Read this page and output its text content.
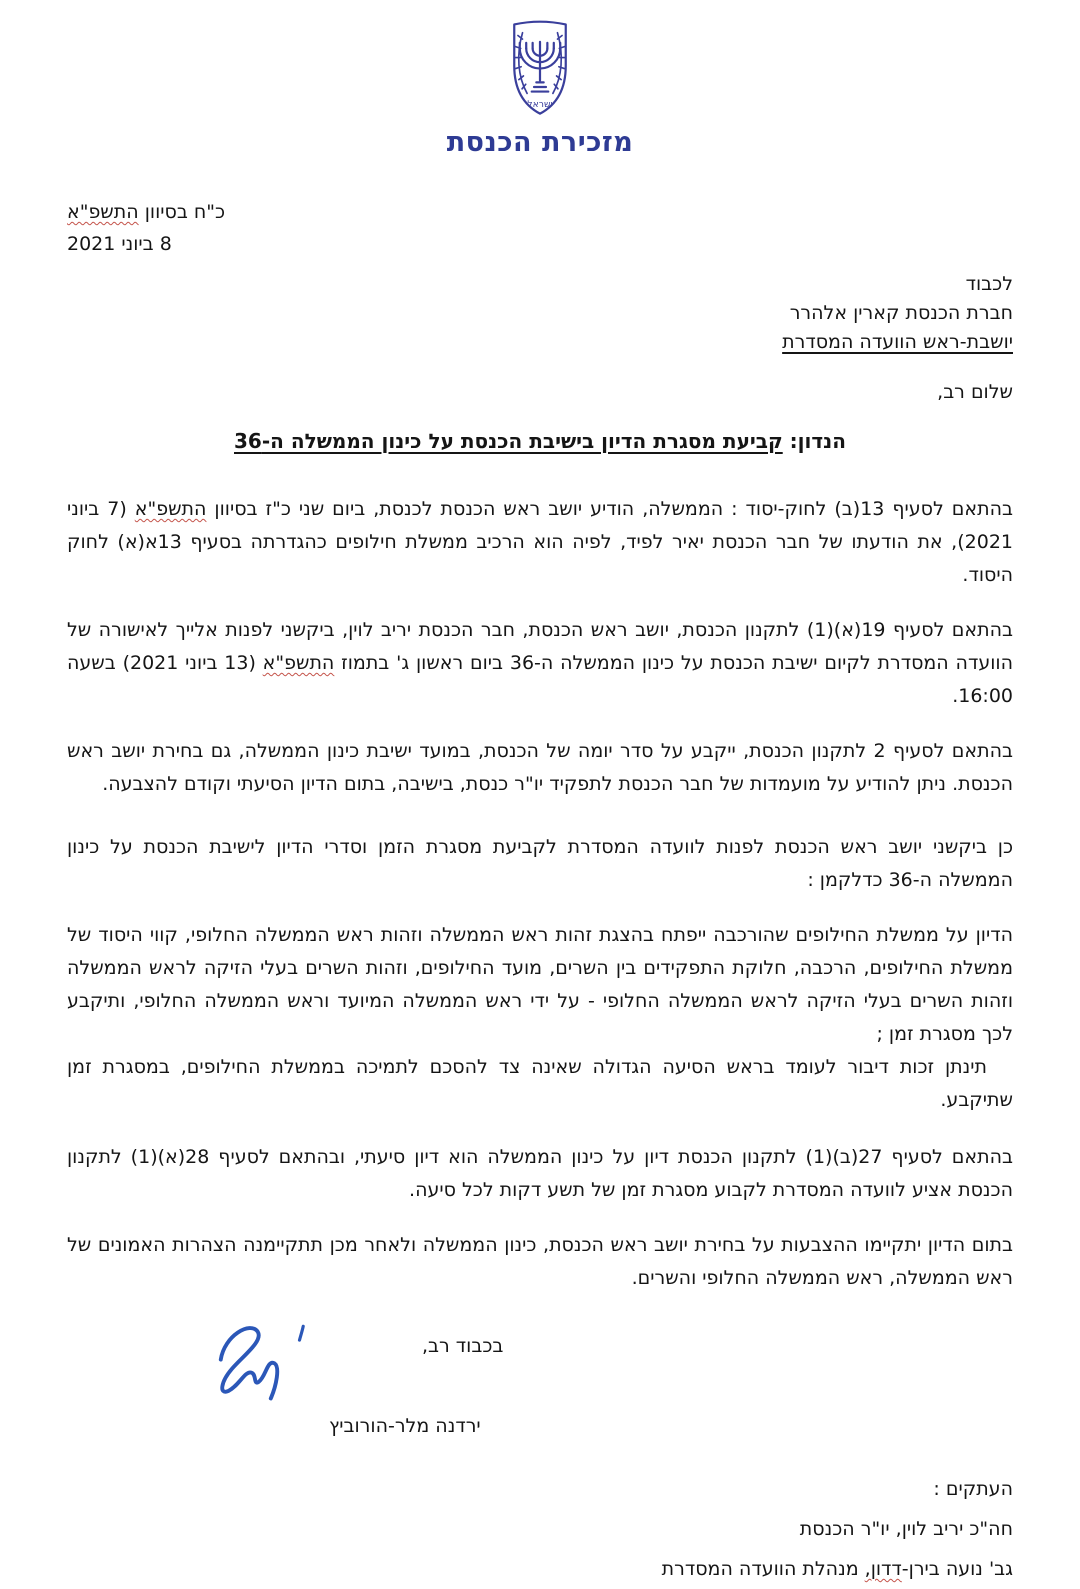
ישראל
מזכירת הכנסת
כ"ח בסיוון התשפ"א
8 ביוני 2021
לכבוד
חברת הכנסת קארין אלהרר
יושבת-ראש הוועדה המסדרת
שלום רב,
הנדון: קביעת מסגרת הדיון בישיבת הכנסת על כינון הממשלה ה-36

בהתאם לסעיף 13(ב) לחוק-יסוד : הממשלה, הודיע יושב ראש הכנסת לכנסת, ביום שני כ"ז בסיוון התשפ"א (7 ביוני 2021), את הודעתו של חבר הכנסת יאיר לפיד, לפיה הוא הרכיב ממשלת חילופים כהגדרתה בסעיף 13א(א) לחוק היסוד.

בהתאם לסעיף 19(א)(1) לתקנון הכנסת, יושב ראש הכנסת, חבר הכנסת יריב לוין, ביקשני לפנות אלייך לאישורה של הוועדה המסדרת לקיום ישיבת הכנסת על כינון הממשלה ה-36 ביום ראשון ג' בתמוז התשפ"א (13 ביוני 2021) בשעה 16:00.

בהתאם לסעיף 2 לתקנון הכנסת, ייקבע על סדר יומה של הכנסת, במועד ישיבת כינון הממשלה, גם בחירת יושב ראש הכנסת. ניתן להודיע על מועמדות של חבר הכנסת לתפקיד יו"ר כנסת, בישיבה, בתום הדיון הסיעתי וקודם להצבעה.

כן ביקשני יושב ראש הכנסת לפנות לוועדה המסדרת לקביעת מסגרת הזמן וסדרי הדיון לישיבת הכנסת על כינון הממשלה ה-36 כדלקמן :

הדיון על ממשלת החילופים שהורכבה ייפתח בהצגת זהות ראש הממשלה וזהות ראש הממשלה החלופי, קווי היסוד של ממשלת החילופים, הרכבה, חלוקת התפקידים בין השרים, מועד החילופים, וזהות השרים בעלי הזיקה לראש הממשלה וזהות השרים בעלי הזיקה לראש הממשלה החלופי - על ידי ראש הממשלה המיועד וראש הממשלה החלופי, ותיקבע לכך מסגרת זמן ;

תינתן זכות דיבור לעומד בראש הסיעה הגדולה שאינה צד להסכם לתמיכה בממשלת החילופים, במסגרת זמן שתיקבע.

בהתאם לסעיף 27(ב)(1) לתקנון הכנסת דיון על כינון הממשלה הוא דיון סיעתי, ובהתאם לסעיף 28(א)(1) לתקנון הכנסת אציע לוועדה המסדרת לקבוע מסגרת זמן של תשע דקות לכל סיעה.

בתום הדיון יתקיימו ההצבעות על בחירת יושב ראש הכנסת, כינון הממשלה ולאחר מכן תתקיימנה הצהרות האמונים של ראש הממשלה, ראש הממשלה החלופי והשרים.

בכבוד רב,
ירדנה מלר-הורוביץ
העתקים :
חה"כ יריב לוין, יו"ר הכנסת
גב' נועה בירן-דדון, מנהלת הוועדה המסדרת
